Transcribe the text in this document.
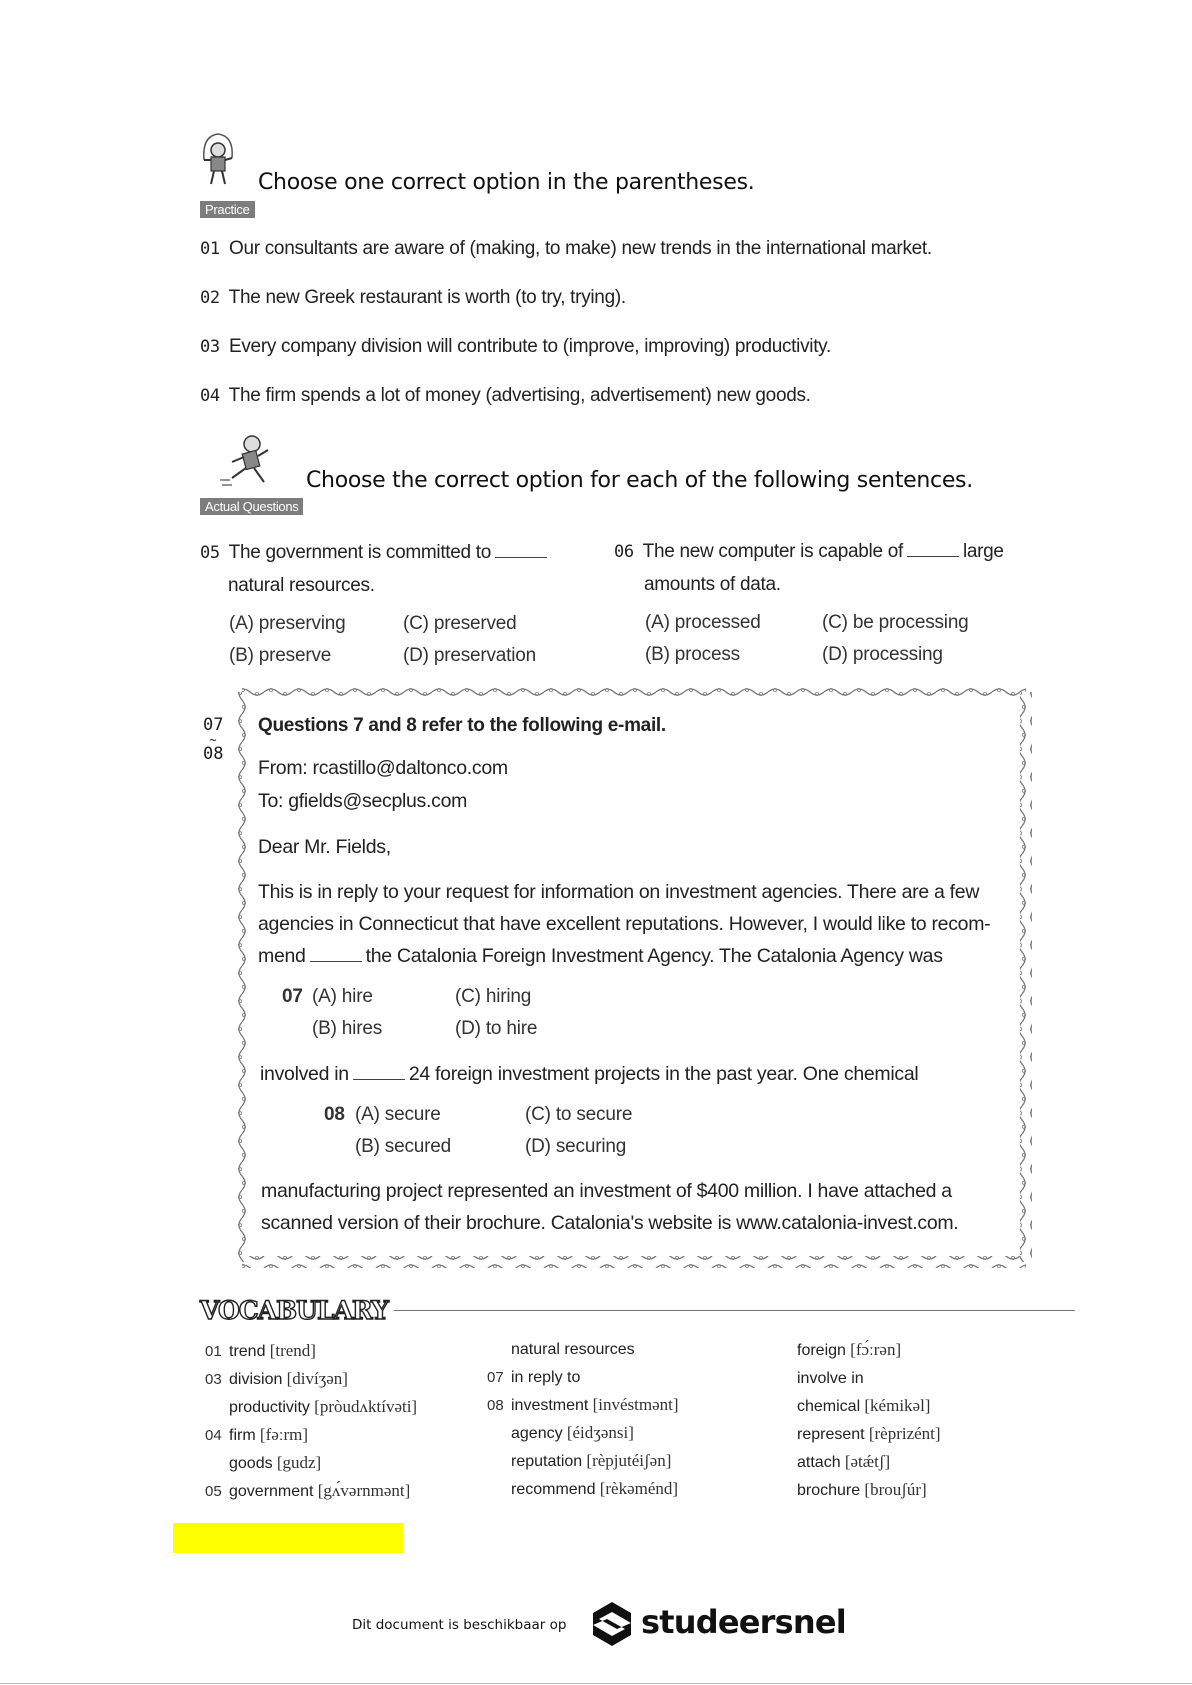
Practice
Choose one correct option in the parentheses.
01 Our consultants are aware of (making, to make) new trends in the international market.
02 The new Greek restaurant is worth (to try, trying).
03 Every company division will contribute to (improve, improving) productivity.
04 The firm spends a lot of money (advertising, advertisement) new goods.
Actual Questions
Choose the correct option for each of the following sentences.
05 The government is committed to
natural resources.
(A) preserving	(C) preserved
(B) preserve	(D) preservation
06 The new computer is capable of	large
amounts of data.
(A) processed	(C) be processing
(B) process	(D) processing
07
~
08
Questions 7 and 8 refer to the following e-mail.
From: rcastillo@daltonco.com
To: gfields@secplus.com
Dear Mr. Fields,
This is in reply to your request for information on investment agencies. There are a few
agencies in Connecticut that have excellent reputations. However, I would like to recom-
mend	the Catalonia Foreign Investment Agency. The Catalonia Agency was
07 (A) hire	(C) hiring
(B) hires	(D) to hire
involved in	24 foreign investment projects in the past year. One chemical
08 (A) secure	(C) to secure
(B) secured	(D) securing
manufacturing project represented an investment of $400 million. I have attached a
scanned version of their brochure. Catalonia's website is www.catalonia-invest.com.
VOCABULARY
01 trend [trend]
03 division [divíʒən]
productivity [pròudʌktívəti]
04 firm [fəːrm]
goods [gudz]
05 government [gʌ́vərnmənt]
natural resources
07 in reply to
08 investment [invéstmənt]
agency [éidʒənsi]
reputation [rèpjutéiʃən]
recommend [rèkəménd]
foreign [fɔ́ːrən]
involve in
chemical [kémikəl]
represent [rèprizént]
attach [ətǽtʃ]
brochure [brouʃúr]
Dit document is beschikbaar op studeersnel
